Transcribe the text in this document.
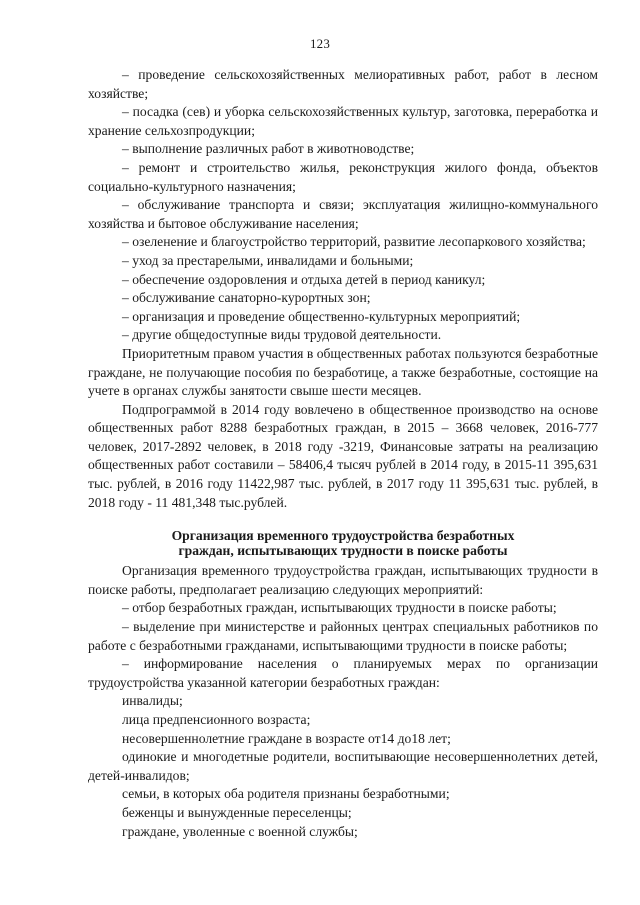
123

– проведение сельскохозяйственных мелиоративных работ, работ в лесном хозяйстве;

– посадка (сев) и уборка сельскохозяйственных культур, заготовка, переработка и хранение сельхозпродукции;

– выполнение различных работ в животноводстве;

– ремонт и строительство жилья, реконструкция жилого фонда, объектов социально-культурного назначения;

– обслуживание транспорта и связи; эксплуатация жилищно-коммунального хозяйства и бытовое обслуживание населения;

– озеленение и благоустройство территорий, развитие лесопаркового хозяйства;

– уход за престарелыми, инвалидами и больными;

– обеспечение оздоровления и отдыха детей в период каникул;

– обслуживание санаторно-курортных зон;

– организация и проведение общественно-культурных мероприятий;

– другие общедоступные виды трудовой деятельности.

Приоритетным правом участия в общественных работах пользуются безработные граждане, не получающие пособия по безработице, а также безработные, состоящие на учете в органах службы занятости свыше шести месяцев.

Подпрограммой в 2014 году вовлечено в общественное производство на основе общественных работ 8288 безработных граждан, в 2015 – 3668 человек, 2016-777 человек, 2017-2892 человек, в 2018 году -3219, Финансовые затраты на реализацию общественных работ составили – 58406,4 тысяч рублей в 2014 году, в 2015-11 395,631 тыс. рублей, в 2016 году 11422,987 тыс. рублей, в 2017 году 11 395,631 тыс. рублей, в 2018 году - 11 481,348 тыс.рублей.

Организация временного трудоустройства безработных

граждан, испытывающих трудности в поиске работы

Организация временного трудоустройства граждан, испытывающих трудности в поиске работы, предполагает реализацию следующих мероприятий:

– отбор безработных граждан, испытывающих трудности в поиске работы;

– выделение при министерстве и районных центрах специальных работников по работе с безработными гражданами, испытывающими трудности в поиске работы;

– информирование населения о планируемых мерах по организации трудоустройства указанной категории безработных граждан:

инвалиды;

лица предпенсионного возраста;

несовершеннолетние граждане в возрасте от14 до18 лет;

одинокие и многодетные родители, воспитывающие несовершеннолетних детей, детей-инвалидов;

семьи, в которых оба родителя признаны безработными;

беженцы и вынужденные переселенцы;

граждане, уволенные с военной службы;
